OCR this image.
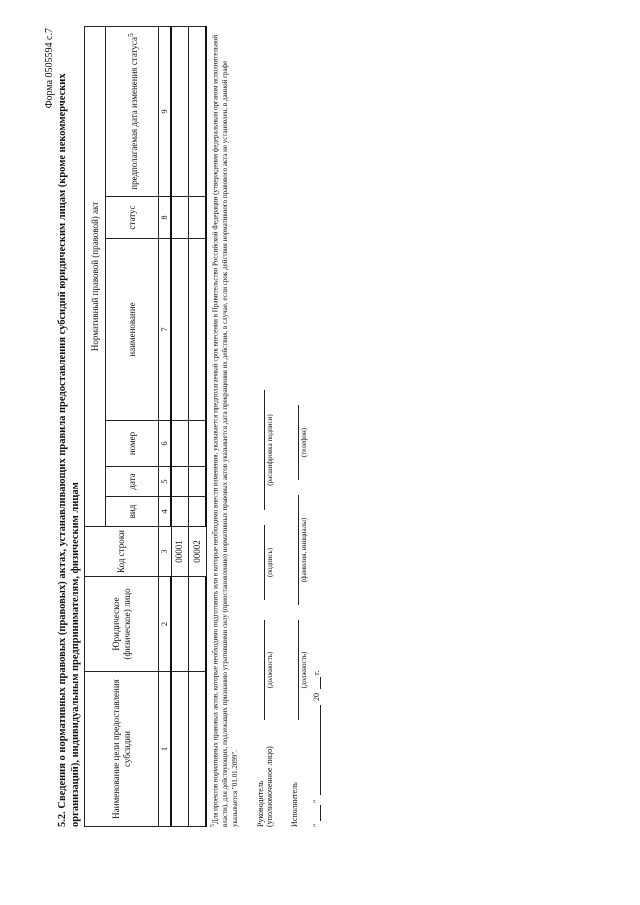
Форма 0505594 с.7
5.2. Сведения о нормативных правовых (правовых) актах, устанавливающих правила предоставления субсидий юридическим лицам (кроме некоммерческих организаций), индивидуальным предпринимателям, физическим лицам	Наименование цели предоставления субсидии	Юридическое (физическое) лицо	Код строки	Нормативный правовой (правовой) акт					
			вид	дата	номер	наименование	статус	предполагаемая дата изменения статуса$^5$
1	2	3	4	5	6	7	8	9
		00001						
		00002						
$^5$Для проектов нормативных правовых актов, которые необходимо подготовить или в которые необходимо внести изменения, указывается предполагаемый срок внесения в Правительство Российской Федерации (утверждения федеральным органом исполнительной власти), для действующих, подлежащих признанию утратившими силу (приостановлению) нормативных правовых актов указывается дата прекращения их действия, в случае, если срок действия нормативного правового акта не установлен, в данной графе указывается "01.01.2099". Руководитель (уполномоченное лицо)
(должность)
(подпись)
(расшифровка подписи)
Исполнитель
(должность)
(фамилия, инициалы)
(телефон)
"
"
20
г.
